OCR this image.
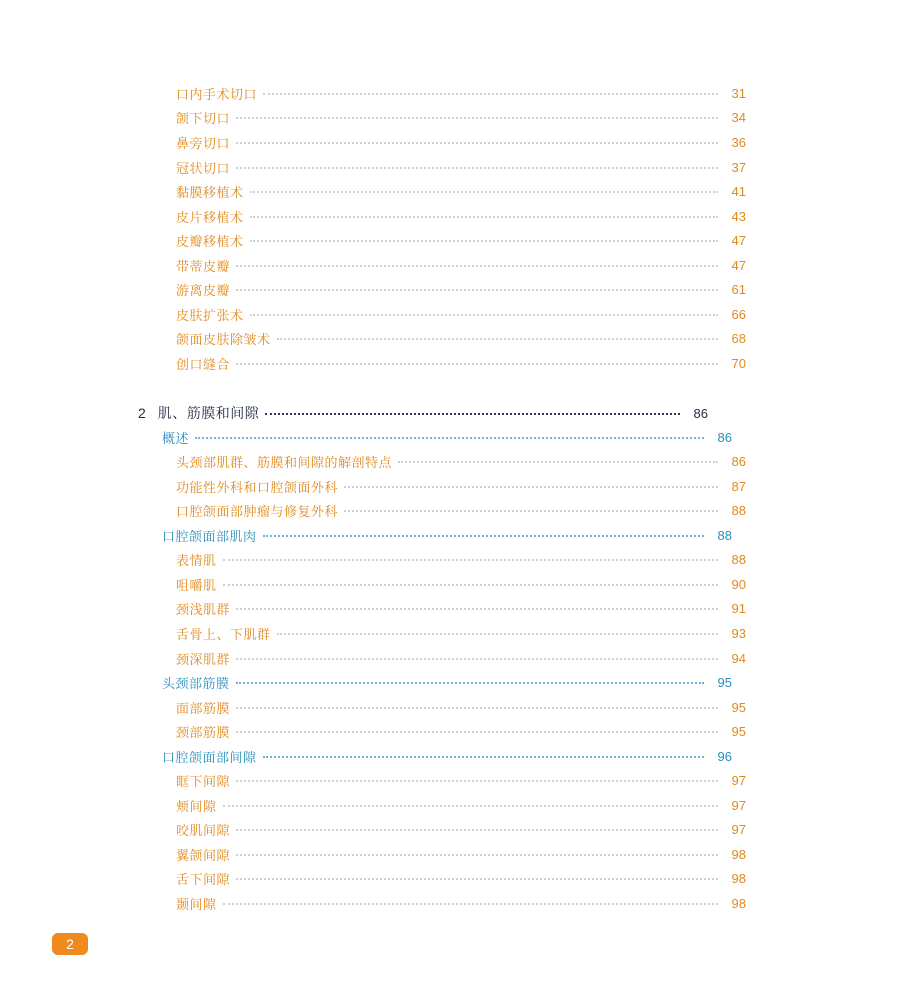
口内手术切口	31
颌下切口	34
鼻旁切口	36
冠状切口	37
黏膜移植术	41
皮片移植术	43
皮瓣移植术	47
带蒂皮瓣	47
游离皮瓣	61
皮肤扩张术	66
颌面皮肤除皱术	68
创口缝合	70
2 肌、筋膜和间隙	86
概述	86
头颈部肌群、筋膜和间隙的解剖特点	86
功能性外科和口腔颌面外科	87
口腔颌面部肿瘤与修复外科	88
口腔颌面部肌肉	88
表情肌	88
咀嚼肌	90
颈浅肌群	91
舌骨上、下肌群	93
颈深肌群	94
头颈部筋膜	95
面部筋膜	95
颈部筋膜	95
口腔颌面部间隙	96
眶下间隙	97
颊间隙	97
咬肌间隙	97
翼颌间隙	98
舌下间隙	98
颞间隙	98
2
